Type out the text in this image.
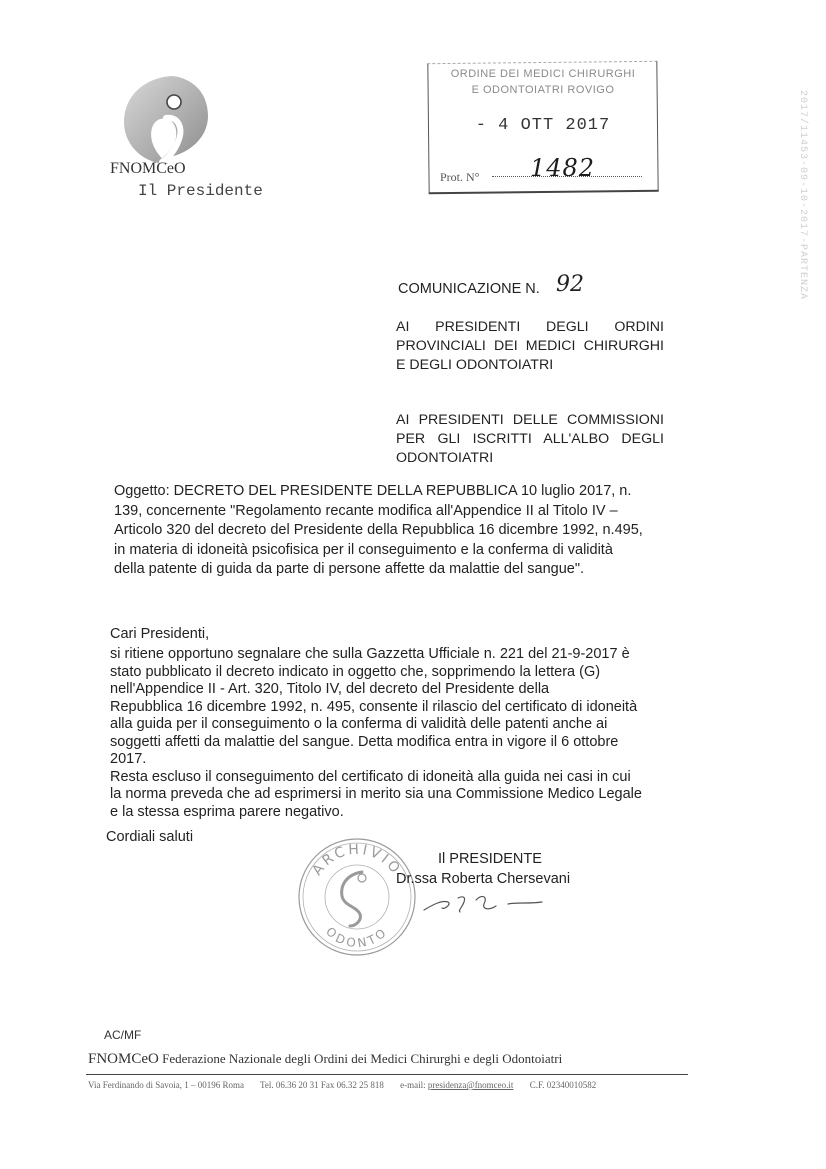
FNOMCeO
Il Presidente
ORDINE DEI MEDICI CHIRURGHI
E ODONTOIATRI ROVIGO
- 4 OTT 2017
Prot. N° 1482	2017/11453-09-10-2017-PARTENZA
COMUNICAZIONE N. 92
AI PRESIDENTI DEGLI ORDINI PROVINCIALI DEI MEDICI CHIRURGHI E DEGLI ODONTOIATRI
AI PRESIDENTI DELLE COMMISSIONI PER GLI ISCRITTI ALL'ALBO DEGLI ODONTOIATRI
Oggetto: DECRETO DEL PRESIDENTE DELLA REPUBBLICA 10 luglio 2017, n.
139, concernente "Regolamento recante modifica all'Appendice II al Titolo IV –
Articolo 320 del decreto del Presidente della Repubblica 16 dicembre 1992, n.495,
in materia di idoneità psicofisica per il conseguimento e la conferma di validità
della patente di guida da parte di persone affette da malattie del sangue".
Cari Presidenti,
si ritiene opportuno segnalare che sulla Gazzetta Ufficiale n. 221 del 21-9-2017 è
stato pubblicato il decreto indicato in oggetto che, sopprimendo la lettera (G)
nell'Appendice II - Art. 320, Titolo IV, del decreto del Presidente della
Repubblica 16 dicembre 1992, n. 495, consente il rilascio del certificato di idoneità
alla guida per il conseguimento o la conferma di validità delle patenti anche ai
soggetti affetti da malattie del sangue. Detta modifica entra in vigore il 6 ottobre
2017.
Resta escluso il conseguimento del certificato di idoneità alla guida nei casi in cui
la norma preveda che ad esprimersi in merito sia una Commissione Medico Legale
e la stessa esprima parere negativo.
Cordiali saluti
ARCHIVIO
ODONTO
Il PRESIDENTE
Dr.ssa Roberta Chersevani
AC/MF
FNOMCeO Federazione Nazionale degli Ordini dei Medici Chirurghi e degli Odontoiatri
Via Ferdinando di Savoia, 1 – 00196 Roma Tel. 06.36 20 31 Fax 06.32 25 818 e-mail: presidenza@fnomceo.it C.F. 02340010582
